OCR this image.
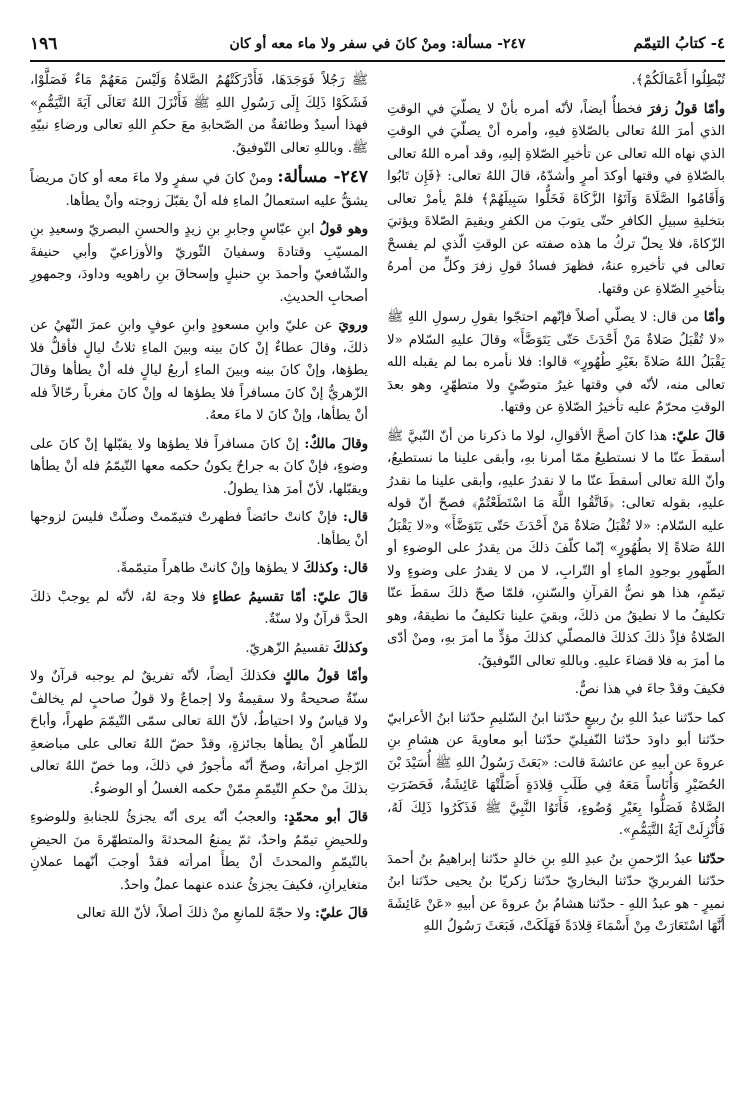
٤- كتابُ التيمّم
٢٤٧- مسألة: ومنْ كانَ في سفر ولا ماء معه أو كان
١٩٦

تُبْطِلُوا أَعْمَالَكُمْ﴾.

وأمّا قولُ زفرَ فخطأٌ أيضاً، لأنّه أمره بأنْ لا يصلّيَ في الوقتِ الذي أمرَ اللهُ تعالى بالصّلاةِ فيهِ، وأمره أنْ يصلّيَ في الوقتِ الذي نهاه الله تعالى عن تأخيرِ الصّلاةِ إليهِ، وقد أمره اللهُ تعالى بالصّلاةِ في وقتها أوكدَ أمرٍ وأشدّهُ، قالَ اللهُ تعالى: ﴿فَإِن تَابُوا وَأَقَامُوا الصَّلَاةَ وَآتَوُا الزَّكَاةَ فَخَلُّوا سَبِيلَهُمْ﴾ فلمْ يأمرْ تعالى بتخليةِ سبيلِ الكافرِ حتّى يتوبَ من الكفرِ ويقيمَ الصّلاةَ ويؤتيَ الزّكاةَ، فلا يحلّ تركُ ما هذه صفته عن الوقتِ الّذي لم يفسحْ تعالى في تأخيرهِ عنهُ، فظهرَ فسادُ قولِ زفرَ وكلِّ من أمرهُ بتأخيرِ الصّلاةِ عن وقتها.

وأمّا من قال: لا يصلّي أصلاً فإنّهم احتجّوا بقولِ رسولِ اللهِ ﷺ «لا تُقْبَلُ صَلاةٌ مَنْ أَحْدَثَ حَتّى يَتَوَضَّأَ» وقالَ عليهِ السّلام «لا يَقْبَلُ اللهُ صَلاةً بغَيْرِ طُهُورٍ» قالوا: فلا نأمره بما لم يقبله الله تعالى منه، لأنّه في وقتها غيرُ متوضّئٍ ولا متطهّرٍ، وهو بعدَ الوقتِ محرّمٌ عليه تأخيرُ الصّلاةِ عن وقتها.

قالَ عليّ: هذا كانَ أصحَّ الأقوالِ، لولا ما ذكرنا من أنّ النّبيَّ ﷺ أسقطَ عنّا ما لا نستطيعُ ممّا أمرنا بهِ، وأبقى علينا ما نستطيعُ، وأنّ اللهَ تعالى أسقطَ عنّا ما لا نقدرُ عليهِ، وأبقى علينا ما نقدرُ عليهِ، بقوله تعالى: ﴿فَاتَّقُوا اللَّهَ مَا اسْتَطَعْتُمْ﴾ فصحّ أنّ قوله عليه السّلام: «لا تُقْبَلُ صَلاةٌ مَنْ أَحْدَثَ حَتّى يَتَوَضَّأَ» و«لا يَقْبَلُ اللهُ صَلاةً إلا بطُهُورٍ» إنّما كلّفَ ذلكَ من يقدرُ على الوضوءِ أو الطّهورِ بوجودِ الماءِ أو التّرابِ، لا من لا يقدرُ على وضوءٍ ولا تيمّمٍ، هذا هو نصُّ القرآنِ والسّننِ، فلمّا صحّ ذلكَ سقطَ عنّا تكليفُ ما لا نطيقُ من ذلكَ، وبقيَ علينا تكليفُ ما نطيقهُ، وهو الصّلاةُ فإذْ ذلكَ كذلكَ فالمصلّي كذلكَ مؤدٍّ ما أمرَ بهِ، ومنْ أدّى ما أمرَ به فلا قضاءَ عليهِ. وباللهِ تعالى التّوفيقُ.

فكيفَ وقدْ جاءَ في هذا نصٌّ.

كما حدّثنا عبدُ اللهِ بنُ ربيعٍ حدّثنا ابنُ السّليمِ حدّثنا ابنُ الأعرابيّ حدّثنا أبو داودَ حدّثنا النّفيليّ حدّثنا أبو معاويةَ عن هشامِ بنِ عروةَ عن أبيهِ عن عائشةَ قالت: «بَعَثَ رَسُولُ اللهِ ﷺ أُسَيْدَ بْنَ الحُضَيْرِ وَأُنَاساً مَعَهُ فِي طَلَبِ قِلادَةٍ أَضَلَّتْهَا عَائِشَةُ، فَحَضَرَتِ الصَّلاةُ فَصَلُّوا بِغَيْرِ وُضُوءٍ، فَأَتَوُا النَّبِيَّ ﷺ فَذَكَرُوا ذَلِكَ لَهُ، فَأُنْزِلَتْ آيَةُ التَّيَمُّمِ».

حدّثنا عبدُ الرّحمنِ بنُ عبدِ اللهِ بنِ خالدٍ حدّثنا إبراهيمُ بنُ أحمدَ حدّثنا الفربريّ حدّثنا البخاريّ حدّثنا زكريّا بنُ يحيى حدّثنا ابنُ نميرٍ - هو عبدُ اللهِ - حدّثنا هشامُ بنُ عروةَ عن أبيهِ «عَنْ عَائِشَةَ أَنَّهَا اسْتَعَارَتْ مِنْ أَسْمَاءَ قِلادَةً فَهَلَكَتْ، فَبَعَثَ رَسُولُ اللهِ

ﷺ رَجُلاً فَوَجَدَهَا، فَأَدْرَكَتْهُمُ الصَّلاةُ وَلَيْسَ مَعَهُمْ مَاءٌ فَصَلَّوْا، فَشَكَوْا ذَلِكَ إِلَى رَسُولِ اللهِ ﷺ فَأَنْزَلَ اللهُ تَعَالَى آيَةَ التَّيَمُّمِ» فهذا أسيدٌ وطائفةٌ من الصّحابةِ معَ حكمِ اللهِ تعالى ورضاءِ نبيّهِ ﷺ. وباللهِ تعالى التّوفيقُ.

٢٤٧- مسألة: ومنْ كانَ في سفرٍ ولا ماءَ معه أو كانَ مريضاً يشقُّ عليه استعمالُ الماءِ فله أنْ يقبّلَ زوجته وأنْ يطأها.

وهو قولُ ابنِ عبّاسٍ وجابرِ بنِ زيدٍ والحسنِ البصريّ وسعيدِ بنِ المسيّبِ وقتادةَ وسفيانَ الثّوريّ والأوزاعيّ وأبي حنيفةَ والشّافعيّ وأحمدَ بنِ حنبلٍ وإسحاقَ بنِ راهويه وداودَ، وجمهورِ أصحابِ الحديثِ.

ورويَ عن عليّ وابنِ مسعودٍ وابنِ عوفٍ وابنِ عمرَ النّهيُ عن ذلكَ، وقالَ عطاءٌ إنْ كانَ بينه وبينَ الماءِ ثلاثُ ليالٍ فأقلُّ فلا يطؤها، وإنْ كانَ بينه وبينَ الماءِ أربعُ ليالٍ فله أنْ يطأها وقالَ الزّهريُّ إنْ كانَ مسافراً فلا يطؤها له وإنْ كانَ مغرباً رحّالاً فله أنْ يطأها، وإنْ كانَ لا ماءَ معهُ.

وقالَ مالكٌ: إنْ كانَ مسافراً فلا يطؤها ولا يقبّلها إنْ كانَ على وضوءٍ، فإنْ كانَ به جراحٌ يكونُ حكمه معها التّيمّمُ فله أنْ يطأها ويقبّلها، لأنّ أمرَ هذا يطولُ.

قال: فإنْ كانتْ حائضاً فطهرتْ فتيمّمتْ وصلّتْ فليسَ لزوجها أنْ يطأها.

قال: وكذلكَ لا يطؤها وإنْ كانتْ طاهراً متيمّمةً.

قالَ عليّ: أمّا تقسيمُ عطاءٍ فلا وجهَ لهُ، لأنّه لم يوجبْ ذلكَ الحدَّ قرآنٌ ولا سنّةٌ.

وكذلكَ تقسيمُ الزّهريّ.

وأمّا قولُ مالكٍ فكذلكَ أيضاً، لأنّه تفريقٌ لم يوجبه قرآنٌ ولا سنّةٌ صحيحةٌ ولا سقيمةٌ ولا إجماعٌ ولا قولُ صاحبٍ لم يخالفْ ولا قياسٌ ولا احتياطٌ، لأنّ اللهَ تعالى سمّى التّيمّمَ طهراً، وأباحَ للطّاهرِ أنْ يطأها بجائزةٍ، وقدْ حضّ اللهُ تعالى على مباضعةِ الرّجلِ امرأتهُ، وصحّ أنّه مأجورٌ في ذلكَ، وما خصّ اللهُ تعالى بذلكَ منْ حكمِ التّيمّمِ ممّنْ حكمه الغسلُ أو الوضوءُ.

قالَ أبو محمّدٍ: والعجبُ أنّه يرى أنّه يجزئُ للجنابةِ وللوضوءِ وللحيضِ تيمّمٌ واحدٌ، ثمّ يمنعُ المحدثةَ والمتطهّرةَ منَ الحيضِ بالتّيمّمِ والمحدثَ أنْ يطأَ امرأته فقدْ أوجبَ أنّهما عملانِ متغايرانِ، فكيفَ يجزئُ عنده عنهما عملٌ واحدٌ.

قالَ عليّ: ولا حجّةَ للمانعِ منْ ذلكَ أصلاً، لأنّ اللهَ تعالى
